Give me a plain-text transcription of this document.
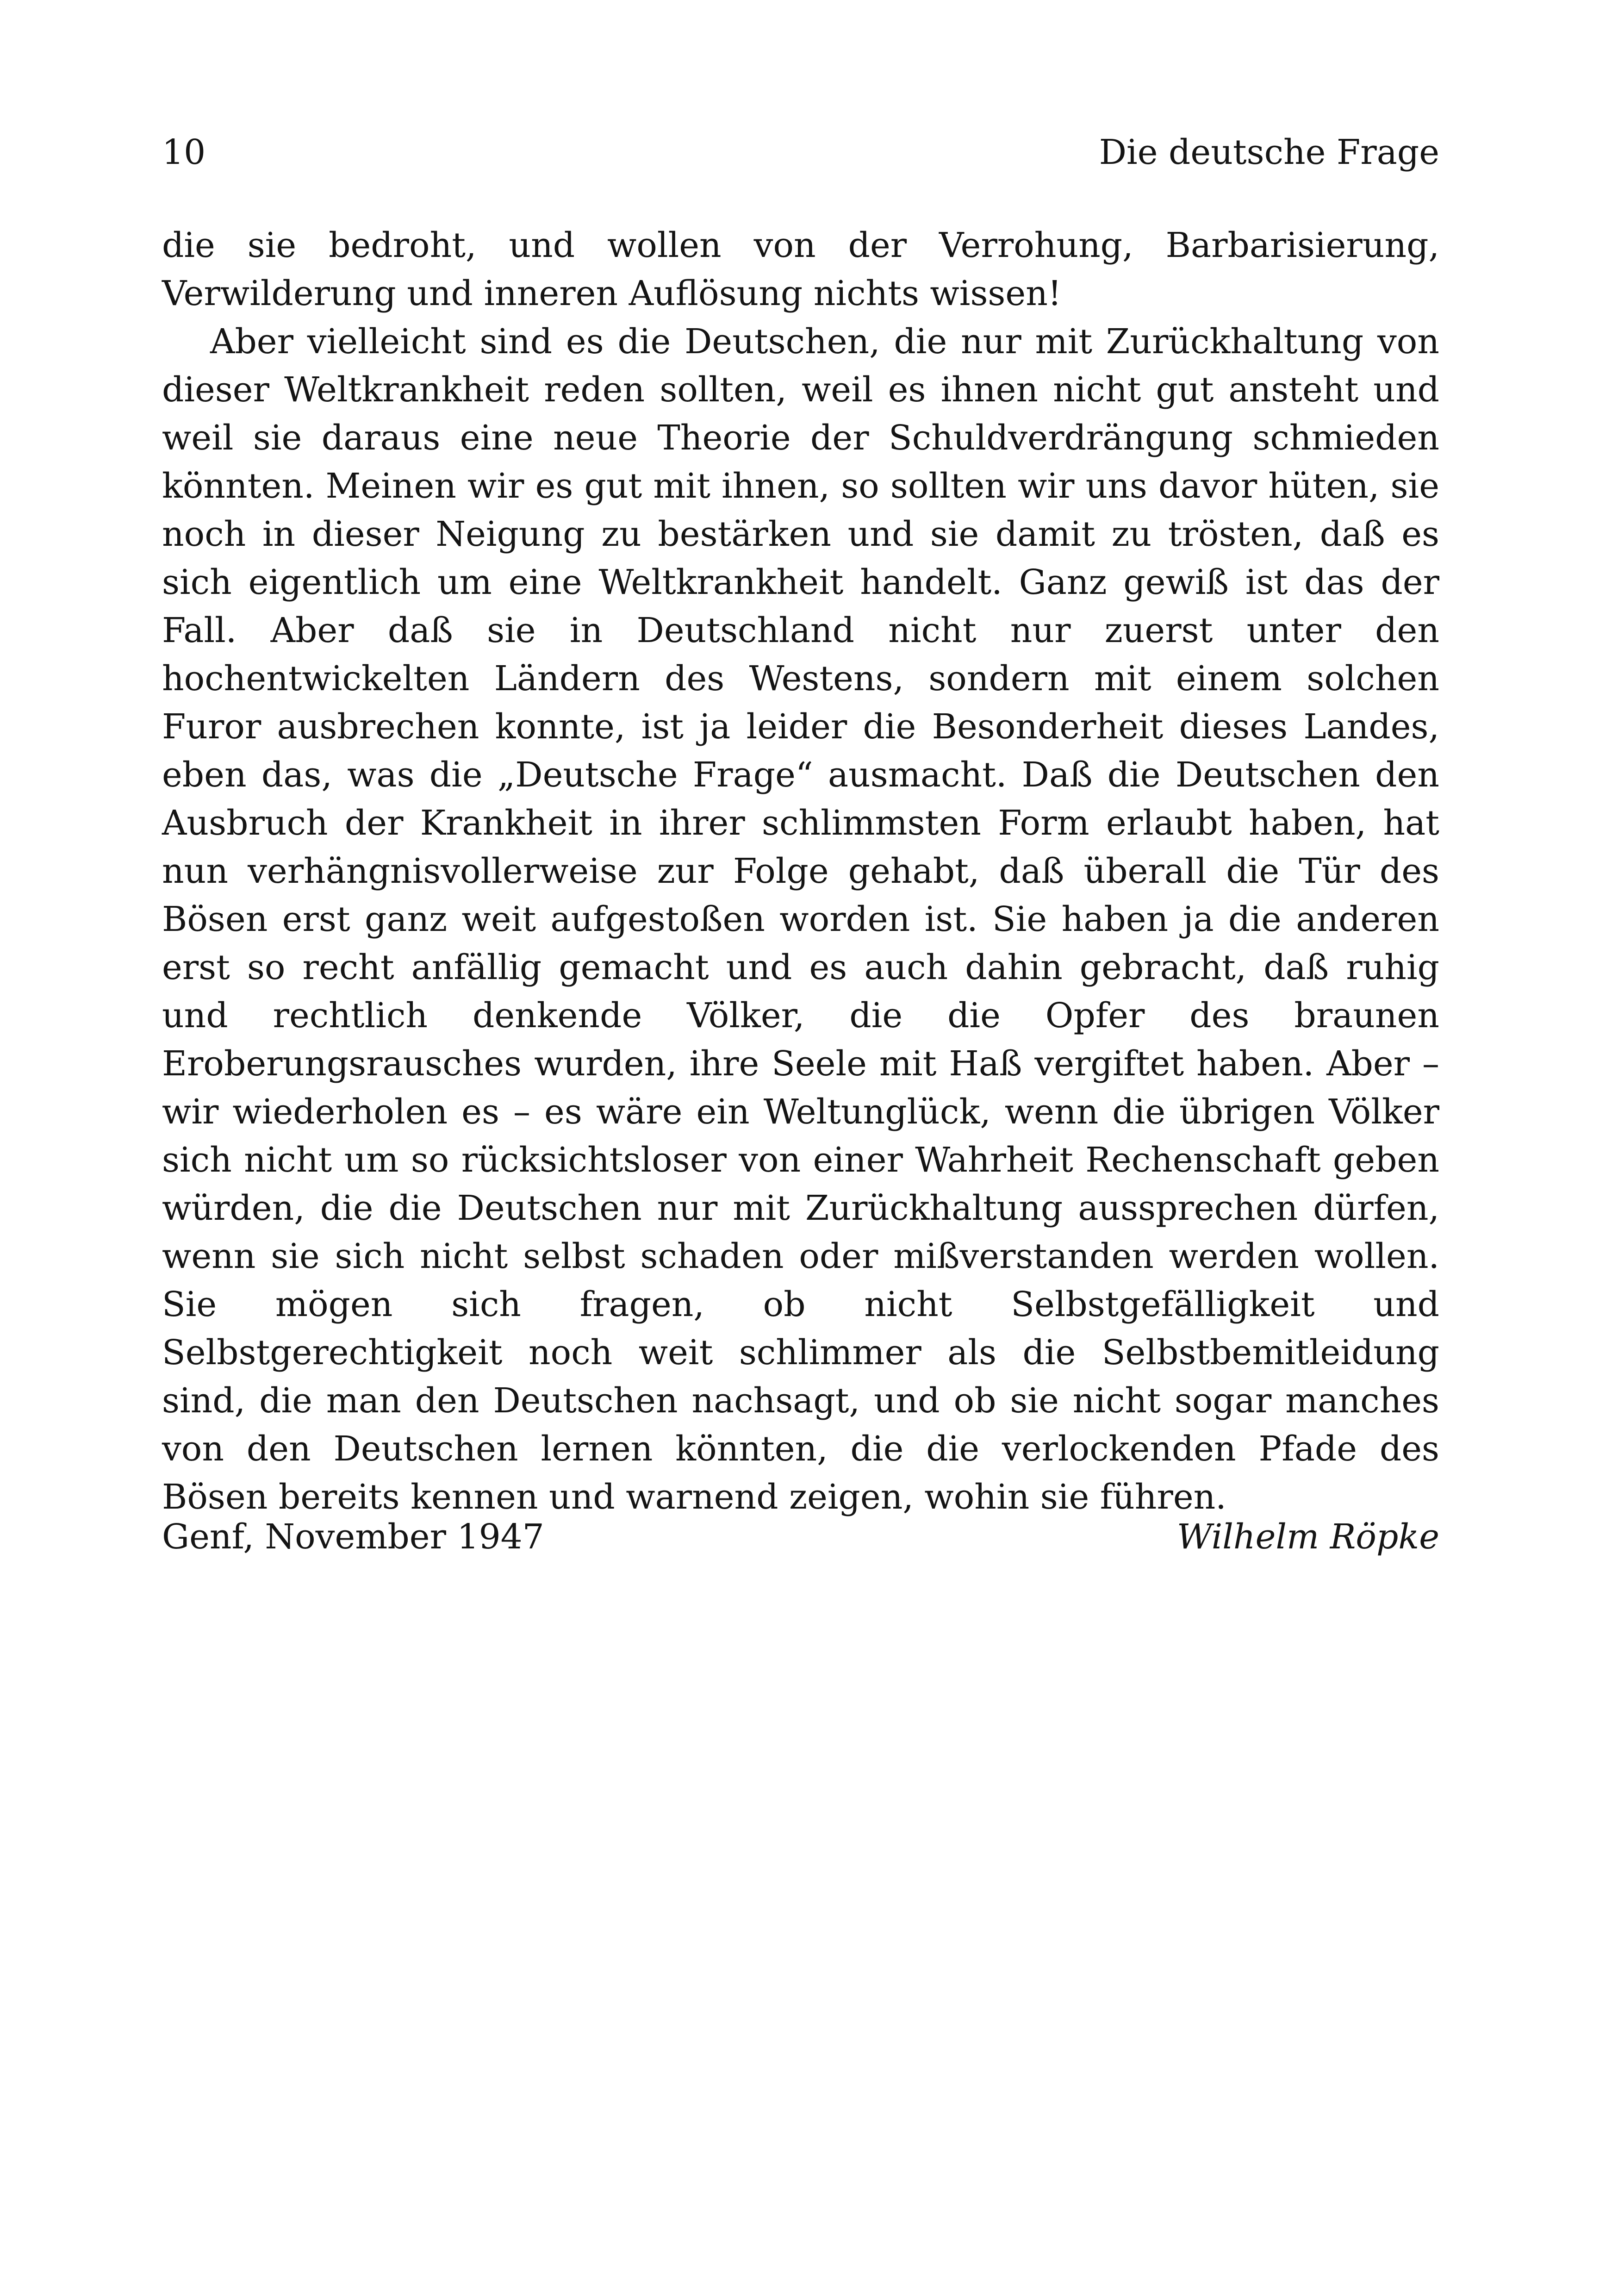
10	Die deutsche Frage

die sie bedroht, und wollen von der Verrohung, Barbarisierung, Verwilderung und inneren Auflösung nichts wissen!

Aber vielleicht sind es die Deutschen, die nur mit Zurückhaltung von dieser Weltkrankheit reden sollten, weil es ihnen nicht gut ansteht und weil sie daraus eine neue Theorie der Schuldverdrängung schmieden könnten. Meinen wir es gut mit ihnen, so sollten wir uns davor hüten, sie noch in dieser Neigung zu bestärken und sie damit zu trösten, daß es sich eigentlich um eine Weltkrankheit handelt. Ganz gewiß ist das der Fall. Aber daß sie in Deutschland nicht nur zuerst unter den hochentwickelten Ländern des Westens, sondern mit einem solchen Furor ausbrechen konnte, ist ja leider die Besonderheit dieses Landes, eben das, was die „Deutsche Frage“ ausmacht. Daß die Deutschen den Ausbruch der Krankheit in ihrer schlimmsten Form erlaubt haben, hat nun verhängnisvollerweise zur Folge gehabt, daß überall die Tür des Bösen erst ganz weit aufgestoßen worden ist. Sie haben ja die anderen erst so recht anfällig gemacht und es auch dahin gebracht, daß ruhig und rechtlich denkende Völker, die die Opfer des braunen Eroberungsrausches wurden, ihre Seele mit Haß vergiftet haben. Aber – wir wiederholen es – es wäre ein Weltunglück, wenn die übrigen Völker sich nicht um so rücksichtsloser von einer Wahrheit Rechenschaft geben würden, die die Deutschen nur mit Zurückhaltung aussprechen dürfen, wenn sie sich nicht selbst schaden oder mißverstanden werden wollen. Sie mögen sich fragen, ob nicht Selbstgefälligkeit und Selbstgerechtigkeit noch weit schlimmer als die Selbstbemitleidung sind, die man den Deutschen nachsagt, und ob sie nicht sogar manches von den Deutschen lernen könnten, die die verlockenden Pfade des Bösen bereits kennen und warnend zeigen, wohin sie führen.

Genf, November 1947	Wilhelm Röpke
